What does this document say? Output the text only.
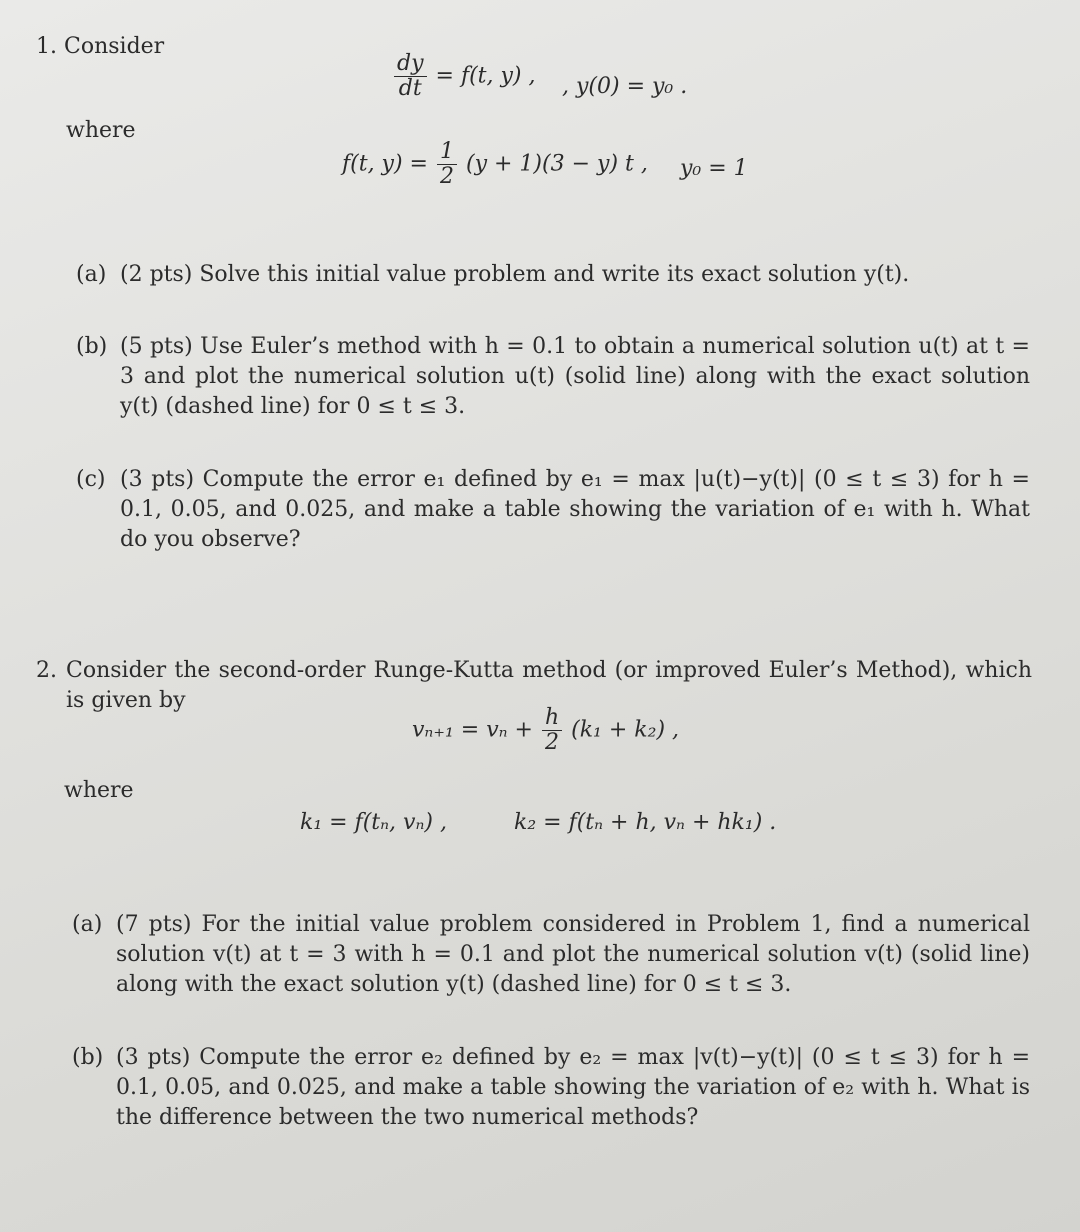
1. Consider
$\frac{dy}{dt} = f(t$, y) , , y(0) = y₀ .
where
f(t, $y) = \frac{1}{2} (y + 1)(3 - y)$ t , y₀ = 1
(a) (2 pts) Solve this initial value problem and write its exact solution y(t).
(b) (5 pts) Use Euler’s method with h = 0.1 to obtain a numerical solution u(t) at t = 3 and plot the numerical solution u(t) (solid line) along with the exact solution y(t) (dashed line) for 0 ≤ t ≤ 3.
(c) (3 pts) Compute the error e₁ defined by e₁ = max |u(t)−y(t)| (0 ≤ t ≤ 3) for h = 0.1, 0.05, and 0.025, and make a table showing the variation of e₁ with h. What do you observe?
2. Consider the second-order Runge-Kutta method (or improved Euler’s Method), which is given by
$v_{n+1} = v_n + \frac{h}{2} (k_1 + k_2)$ ,
where
k₁ = f(tₙ, vₙ) ,	k₂ = f(tₙ + h, vₙ + hk₁) .
(a) (7 pts) For the initial value problem considered in Problem 1, find a numerical solution v(t) at t = 3 with h = 0.1 and plot the numerical solution v(t) (solid line) along with the exact solution y(t) (dashed line) for 0 ≤ t ≤ 3.
(b) (3 pts) Compute the error e₂ defined by e₂ = max |v(t)−y(t)| (0 ≤ t ≤ 3) for h = 0.1, 0.05, and 0.025, and make a table showing the variation of e₂ with h. What is the difference between the two numerical methods?
